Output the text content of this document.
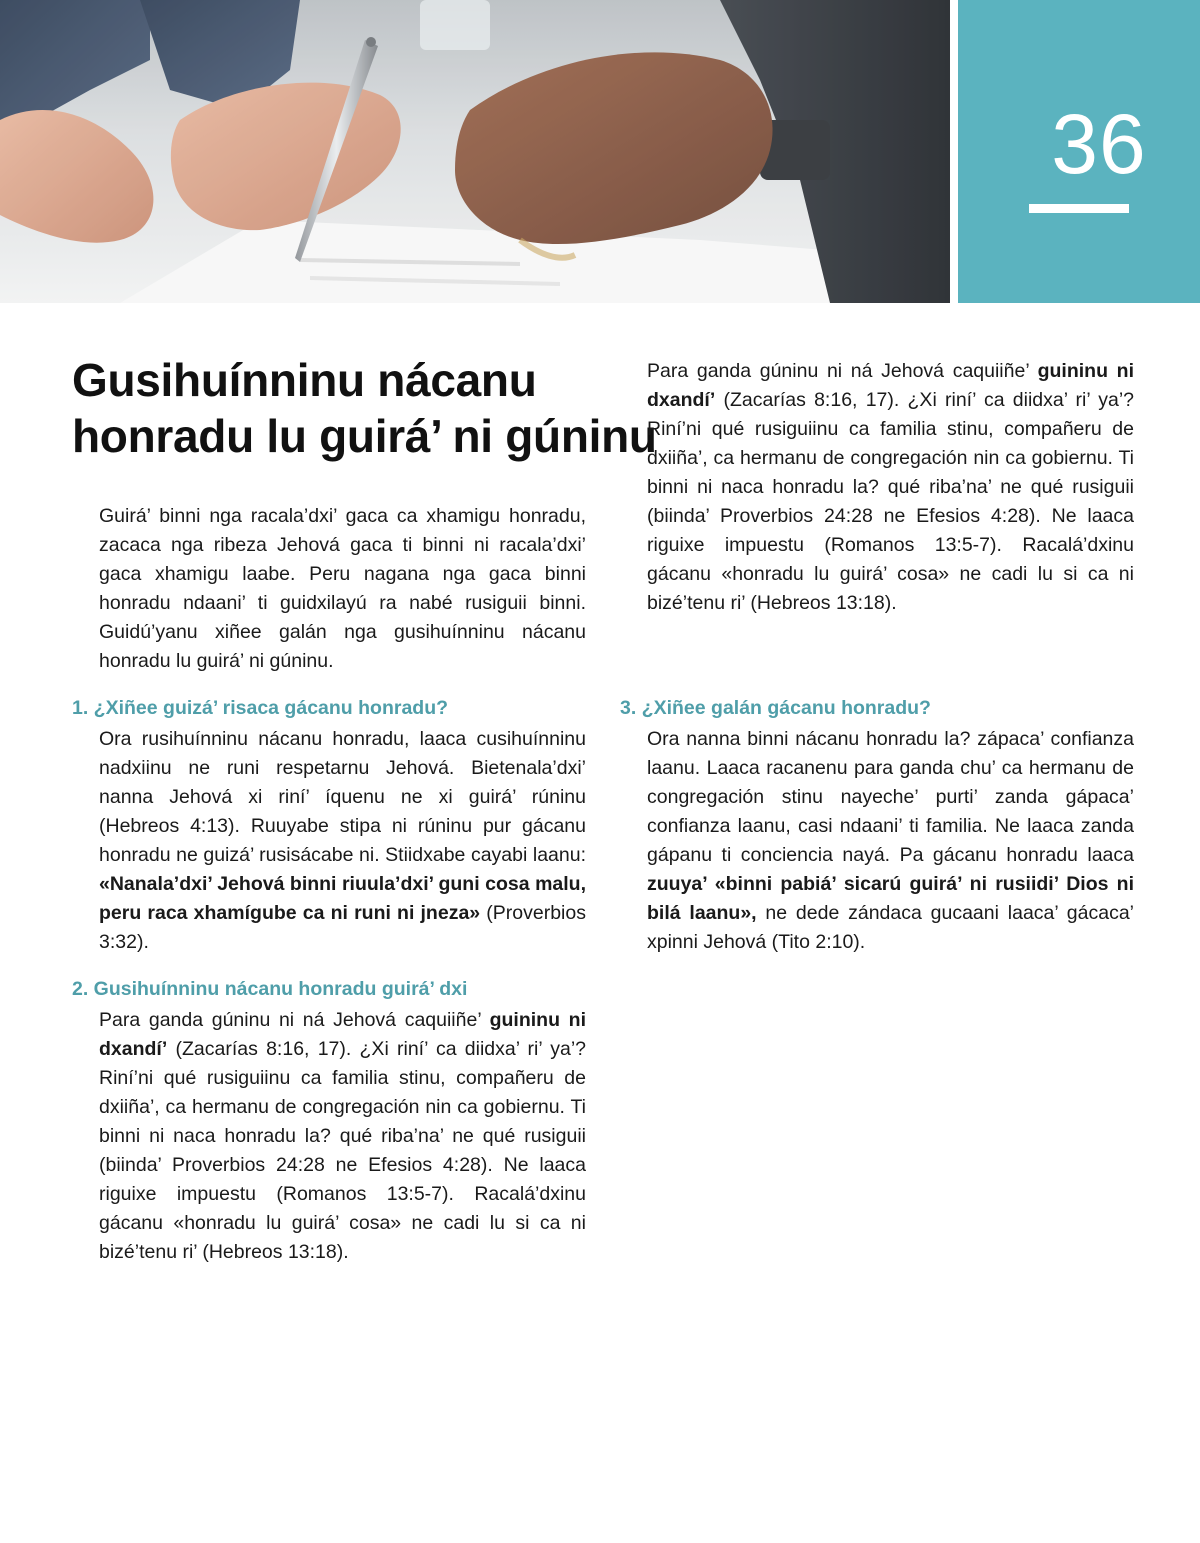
36
Gusihuínninu nácanu
honradu lu guirá’ ni gúninu

Guirá’ binni nga racala’dxi’ gaca ca xhamigu honradu, zacaca nga ribeza Jehová gaca ti binni ni racala’dxi’ gaca xhamigu laabe. Peru nagana nga gaca binni honradu ndaani’ ti guidxilayú ra nabé rusiguii binni. Guidú’yanu xiñee galán nga gusihuínninu nácanu honradu lu guirá’ ni gúninu.

1. ¿Xiñee guizá’ risaca gácanu honradu?

Ora rusihuínninu nácanu honradu, laaca cusihuínninu nadxiinu ne runi respetarnu Jehová. Bietenala’dxi’ nanna Jehová xi riní’ íquenu ne xi guirá’ rúninu (Hebreos 4:13). Ruuyabe stipa ni rúninu pur gácanu honradu ne guizá’ rusisácabe ni. Stiidxabe cayabi laanu: «Nanala’dxi’ Jehová binni riuula’dxi’ guni cosa malu, peru raca xhamígube ca ni runi ni jneza» (Proverbios 3:32).

2. Gusihuínninu nácanu honradu guirá’ dxi

Para ganda gúninu ni ná Jehová caquiiñe’ guininu ni dxandí’ (Zacarías 8:16, 17). ¿Xi riní’ ca diidxa’ ri’ ya’? Riní’ni qué rusiguiinu ca familia stinu, compañeru de dxiiña’, ca hermanu de congregación nin ca gobiernu. Ti binni ni naca honradu la? qué riba’na’ ne qué rusiguii (biinda’ Proverbios 24:28 ne Efesios 4:28). Ne laaca riguixe impuestu (Romanos 13:5-7). Racalá’dxinu gácanu «honradu lu guirá’ cosa» ne cadi lu si ca ni bizé’tenu ri’ (Hebreos 13:18).

Para ganda gúninu ni ná Jehová caquiiñe’ guininu ni dxandí’ (Zacarías 8:16, 17). ¿Xi riní’ ca diidxa’ ri’ ya’? Riní’ni qué rusiguiinu ca familia stinu, compañeru de dxiiña’, ca hermanu de congregación nin ca gobiernu. Ti binni ni naca honradu la? qué riba’na’ ne qué rusiguii (biinda’ Proverbios 24:28 ne Efesios 4:28). Ne laaca riguixe impuestu (Romanos 13:5-7). Racalá’dxinu gácanu «honradu lu guirá’ cosa» ne cadi lu si ca ni bizé’tenu ri’ (Hebreos 13:18).

3. ¿Xiñee galán gácanu honradu?

Ora nanna binni nácanu honradu la? zápaca’ confianza laanu. Laaca racanenu para ganda chu’ ca hermanu de congregación stinu nayeche’ purti’ zanda gápaca’ confianza laanu, casi ndaani’ ti familia. Ne laaca zanda gápanu ti conciencia nayá. Pa gácanu honradu laaca zuuya’ «binni pabiá’ sicarú guirá’ ni rusiidi’ Dios ni bilá laanu», ne dede zándaca gucaani laaca’ gácaca’ xpinni Jehová (Tito 2:10).
